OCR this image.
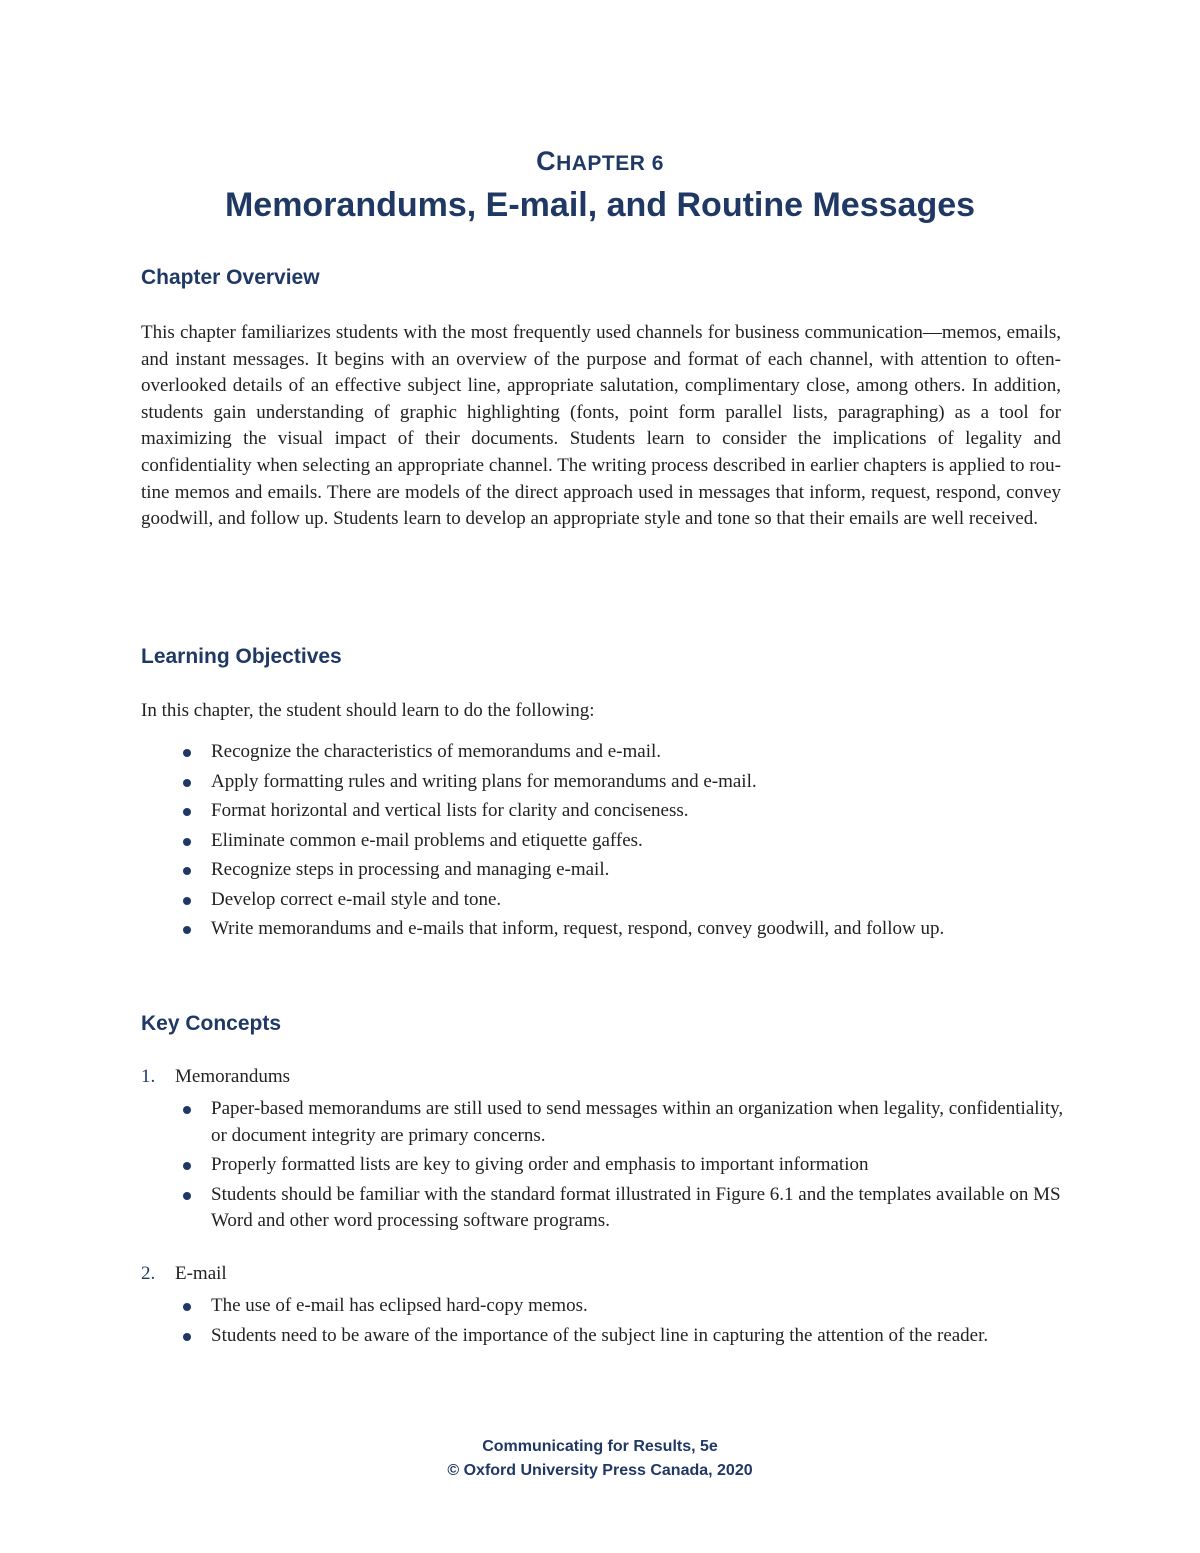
CHAPTER 6
Memorandums, E-mail, and Routine Messages
Chapter Overview
This chapter familiarizes students with the most frequently used channels for business communication—memos, emails, and instant messages. It begins with an overview of the purpose and format of each channel, with attention to often-overlooked details of an effective subject line, appropriate salutation, complimentary close, among others. In addition, students gain understanding of graphic highlighting (fonts, point form parallel lists, paragraphing) as a tool for maximizing the visual impact of their documents. Students learn to consider the implications of legality and confidentiality when selecting an appropriate channel. The writing process described in earlier chapters is applied to routine memos and emails. There are models of the direct approach used in messages that inform, request, respond, convey goodwill, and follow up. Students learn to develop an appropriate style and tone so that their emails are well received.
Learning Objectives
In this chapter, the student should learn to do the following:
Recognize the characteristics of memorandums and e-mail.
Apply formatting rules and writing plans for memorandums and e-mail.
Format horizontal and vertical lists for clarity and conciseness.
Eliminate common e-mail problems and etiquette gaffes.
Recognize steps in processing and managing e-mail.
Develop correct e-mail style and tone.
Write memorandums and e-mails that inform, request, respond, convey goodwill, and follow up.
Key Concepts
1. Memorandums
Paper-based memorandums are still used to send messages within an organization when legality, confidentiality, or document integrity are primary concerns.
Properly formatted lists are key to giving order and emphasis to important information
Students should be familiar with the standard format illustrated in Figure 6.1 and the templates available on MS Word and other word processing software programs.
2. E-mail
The use of e-mail has eclipsed hard-copy memos.
Students need to be aware of the importance of the subject line in capturing the attention of the reader.
Communicating for Results, 5e
© Oxford University Press Canada, 2020
